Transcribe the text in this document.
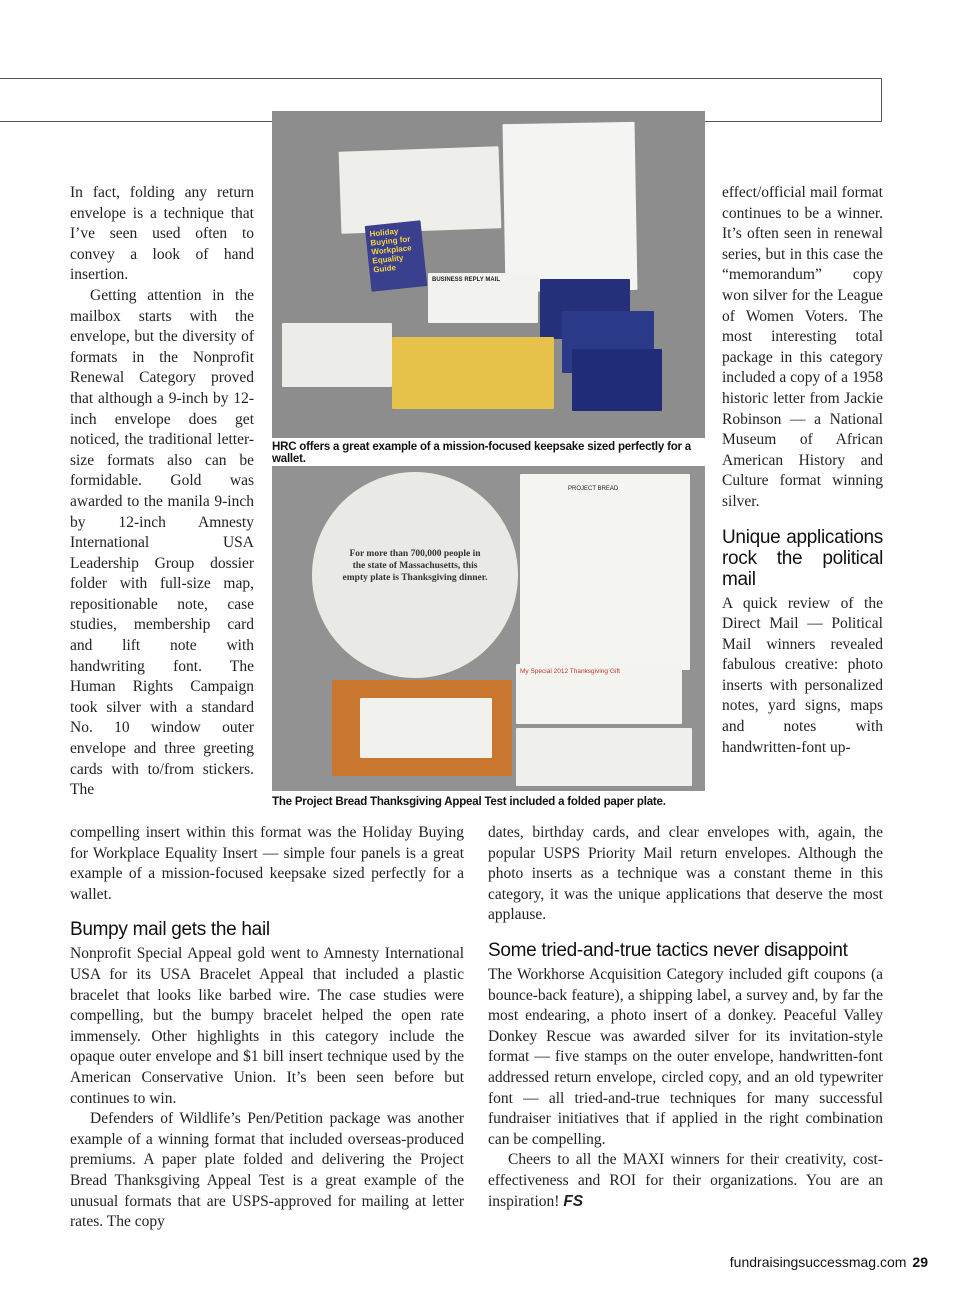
In fact, folding any return envelope is a technique that I’ve seen used often to convey a look of hand insertion.

Getting attention in the mailbox starts with the envelope, but the diversity of formats in the Nonprofit Renewal Category proved that although a 9-inch by 12-inch envelope does get noticed, the traditional letter-size formats also can be formidable. Gold was awarded to the manila 9-inch by 12-inch Amnesty International USA Leadership Group dossier folder with full-size map, repositionable note, case studies, membership card and lift note with handwriting font. The Human Rights Campaign took silver with a standard No. 10 window outer envelope and three greeting cards with to/from stickers. The

Holiday Buying for Workplace Equality Guide
BUSINESS REPLY MAIL
HRC offers a great example of a mission-focused keepsake sized perfectly for a wallet.
For more than 700,000 people in the state of Massachusetts, this empty plate is Thanksgiving dinner.
PROJECT BREAD
My Special 2012 Thanksgiving Gift
The Project Bread Thanksgiving Appeal Test included a folded paper plate.

effect/official mail format continues to be a winner. It’s often seen in renewal series, but in this case the “memorandum” copy won silver for the League of Women Voters. The most interesting total package in this category included a copy of a 1958 historic letter from Jackie Robinson — a National Museum of African American History and Culture format winning silver.

Unique applications rock the political mail

A quick review of the Direct Mail — Political Mail winners revealed fabulous creative: photo inserts with personalized notes, yard signs, maps and notes with handwritten-font up-

compelling insert within this format was the Holiday Buying for Workplace Equality Insert — simple four panels is a great example of a mission-focused keepsake sized perfectly for a wallet.

Bumpy mail gets the hail

Nonprofit Special Appeal gold went to Amnesty International USA for its USA Bracelet Appeal that included a plastic bracelet that looks like barbed wire. The case studies were compelling, but the bumpy bracelet helped the open rate immensely. Other highlights in this category include the opaque outer envelope and $1 bill insert technique used by the American Conservative Union. It’s been seen before but continues to win.

Defenders of Wildlife’s Pen/Petition package was another example of a winning format that included overseas-produced premiums. A paper plate folded and delivering the Project Bread Thanksgiving Appeal Test is a great example of the unusual formats that are USPS-approved for mailing at letter rates. The copy

dates, birthday cards, and clear envelopes with, again, the popular USPS Priority Mail return envelopes. Although the photo inserts as a technique was a constant theme in this category, it was the unique applications that deserve the most applause.

Some tried-and-true tactics never disappoint

The Workhorse Acquisition Category included gift coupons (a bounce-back feature), a shipping label, a survey and, by far the most endearing, a photo insert of a donkey. Peaceful Valley Donkey Rescue was awarded silver for its invitation-style format — five stamps on the outer envelope, handwritten-font addressed return envelope, circled copy, and an old typewriter font — all tried-and-true techniques for many successful fundraiser initiatives that if applied in the right combination can be compelling.

Cheers to all the MAXI winners for their creativity, cost-effectiveness and ROI for their organizations. You are an inspiration! FS

fundraisingsuccessmag.com 29
